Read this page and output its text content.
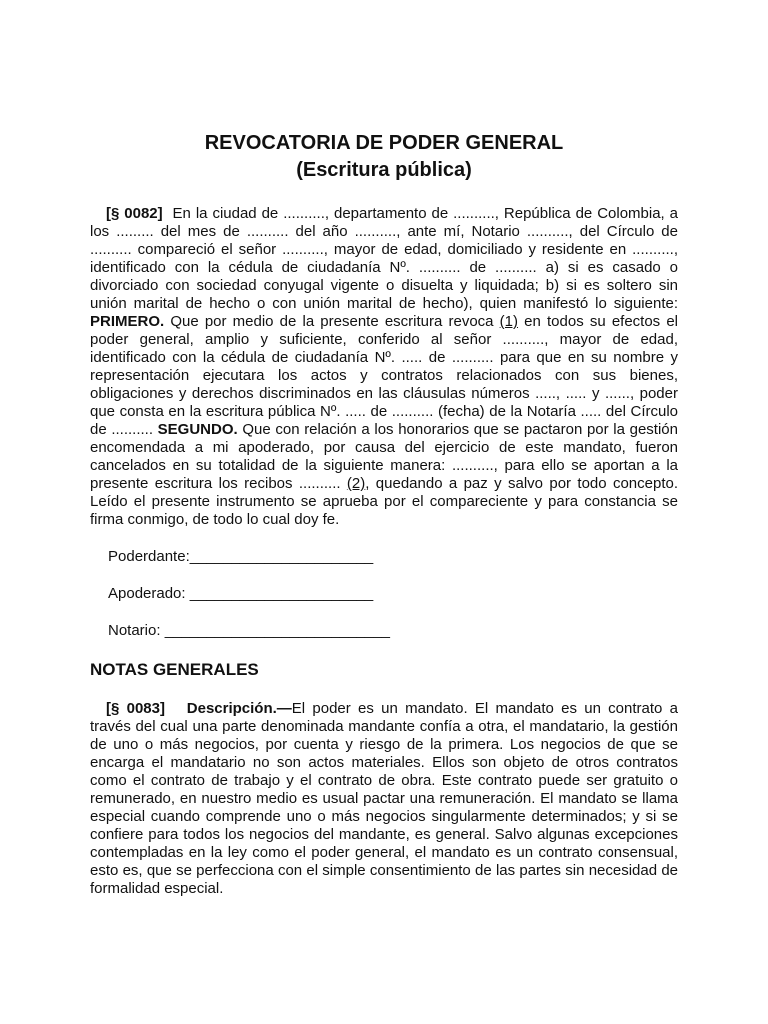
REVOCATORIA DE PODER GENERAL
(Escritura pública)

[§ 0082] En la ciudad de .........., departamento de .........., República de Colombia, a los ......... del mes de .......... del año .........., ante mí, Notario .........., del Círculo de .......... compareció el señor .........., mayor de edad, domiciliado y residente en .........., identificado con la cédula de ciudadanía Nº. .......... de .......... a) si es casado o divorciado con sociedad conyugal vigente o disuelta y liquidada; b) si es soltero sin unión marital de hecho o con unión marital de hecho), quien manifestó lo siguiente: PRIMERO. Que por medio de la presente escritura revoca (1) en todos su efectos el poder general, amplio y suficiente, conferido al señor .........., mayor de edad, identificado con la cédula de ciudadanía Nº. ..... de .......... para que en su nombre y representación ejecutara los actos y contratos relacionados con sus bienes, obligaciones y derechos discriminados en las cláusulas números ....., ..... y ......, poder que consta en la escritura pública Nº. ..... de .......... (fecha) de la Notaría ..... del Círculo de .......... SEGUNDO. Que con relación a los honorarios que se pactaron por la gestión encomendada a mi apoderado, por causa del ejercicio de este mandato, fueron cancelados en su totalidad de la siguiente manera: .........., para ello se aportan a la presente escritura los recibos .......... (2), quedando a paz y salvo por todo concepto. Leído el presente instrumento se aprueba por el compareciente y para constancia se firma conmigo, de todo lo cual doy fe.

Poderdante:______________________
Apoderado: ______________________
Notario: ___________________________
NOTAS GENERALES

[§ 0083] Descripción.—El poder es un mandato. El mandato es un contrato a través del cual una parte denominada mandante confía a otra, el mandatario, la gestión de uno o más negocios, por cuenta y riesgo de la primera. Los negocios de que se encarga el mandatario no son actos materiales. Ellos son objeto de otros contratos como el contrato de trabajo y el contrato de obra. Este contrato puede ser gratuito o remunerado, en nuestro medio es usual pactar una remuneración. El mandato se llama especial cuando comprende uno o más negocios singularmente determinados; y si se confiere para todos los negocios del mandante, es general. Salvo algunas excepciones contempladas en la ley como el poder general, el mandato es un contrato consensual, esto es, que se perfecciona con el simple consentimiento de las partes sin necesidad de formalidad especial.
